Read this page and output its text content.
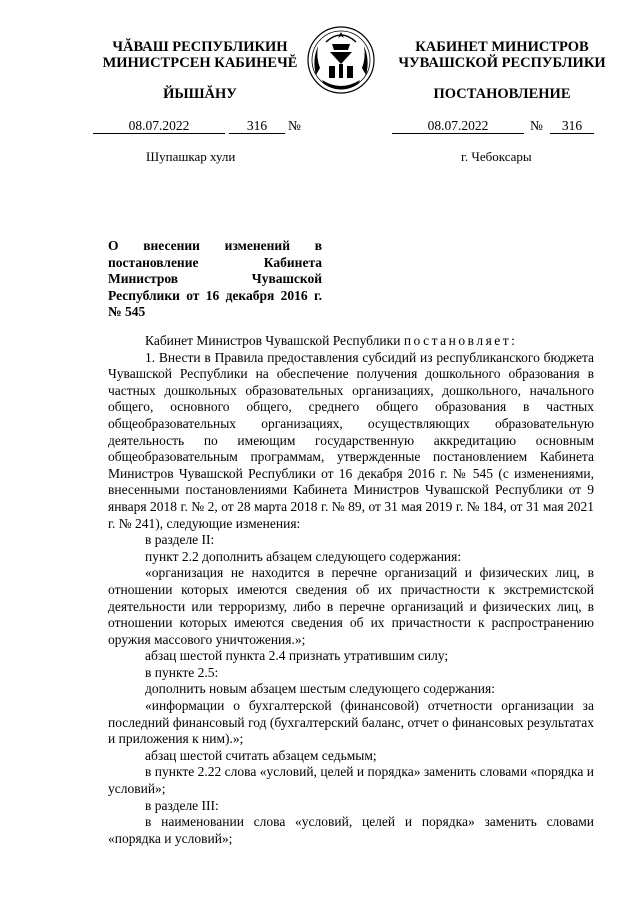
ЧĂВАШ РЕСПУБЛИКИН
МИНИСТРСЕН КАБИНЕЧĔ
ЙЫШĂНУ
КАБИНЕТ МИНИСТРОВ
ЧУВАШСКОЙ РЕСПУБЛИКИ
ПОСТАНОВЛЕНИЕ
08.07.2022	316	№	08.07.2022	№	316
Шупашкар хули	г. Чебоксары
О внесении изменений в постановление Кабинета Министров Чувашской Республики от 16 декабря 2016 г. № 545

Кабинет Министров Чувашской Республики постановляет:

1. Внести в Правила предоставления субсидий из республиканского бюджета Чувашской Республики на обеспечение получения дошкольного образования в частных дошкольных образовательных организациях, дошкольного, начального общего, основного общего, среднего общего образования в частных общеобразовательных организациях, осуществляющих образовательную деятельность по имеющим государственную аккредитацию основным общеобразовательным программам, утвержденные постановлением Кабинета Министров Чувашской Республики от 16 декабря 2016 г. № 545 (с изменениями, внесенными постановлениями Кабинета Министров Чувашской Республики от 9 января 2018 г. № 2, от 28 марта 2018 г. № 89, от 31 мая 2019 г. № 184, от 31 мая 2021 г. № 241), следующие изменения:

в разделе II:

пункт 2.2 дополнить абзацем следующего содержания:

«организация не находится в перечне организаций и физических лиц, в отношении которых имеются сведения об их причастности к экстремистской деятельности или терроризму, либо в перечне организаций и физических лиц, в отношении которых имеются сведения об их причастности к распространению оружия массового уничтожения.»;

абзац шестой пункта 2.4 признать утратившим силу;

в пункте 2.5:

дополнить новым абзацем шестым следующего содержания:

«информации о бухгалтерской (финансовой) отчетности организации за последний финансовый год (бухгалтерский баланс, отчет о финансовых результатах и приложения к ним).»;

абзац шестой считать абзацем седьмым;

в пункте 2.22 слова «условий, целей и порядка» заменить словами «порядка и условий»;

в разделе III:

в наименовании слова «условий, целей и порядка» заменить словами «порядка и условий»;
